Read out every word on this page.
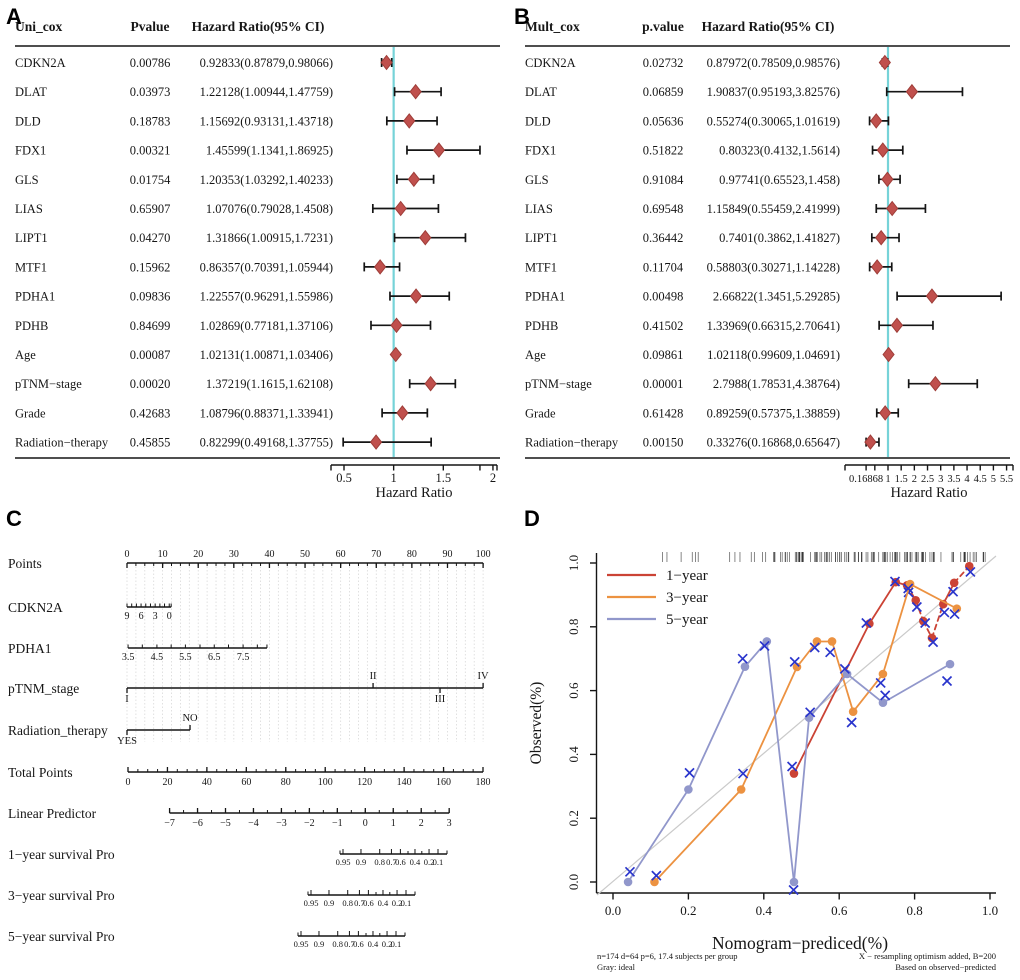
Uni_cox	Pvalue Hazard Ratio(95% CI)
CDKN2A	0.00786 0.92833(0.87879,0.98066)
DLAT	0.03973 1.22128(1.00944,1.47759)
DLD	0.18783 1.15692(0.93131,1.43718)
FDX1	0.00321	1.45599(1.1341,1.86925)
GLS	0.01754 1.20353(1.03292,1.40233)
LIAS	0.65907	1.07076(0.79028,1.4508)
LIPT1	0.04270	1.31866(1.00915,1.7231)
MTF1	0.15962 0.86357(0.70391,1.05944)
PDHA1	0.09836 1.22557(0.96291,1.55986)
PDHB	0.84699 1.02869(0.77181,1.37106)
Age	0.00087 1.02131(1.00871,1.03406)
pTNM−stage	0.00020	1.37219(1.1615,1.62108)
Grade	0.42683 1.08796(0.88371,1.33941)
Radiation−therapy 0.45855 0.82299(0.49168,1.37755)
0.5	1	1.5	2
Hazard Ratio
Mult_cox	p.value Hazard Ratio(95% CI)
CDKN2A	0.02732 0.87972(0.78509,0.98576)
DLAT	0.06859 1.90837(0.95193,3.82576)
DLD	0.05636 0.55274(0.30065,1.01619)
FDX1	0.51822	0.80323(0.4132,1.5614)
GLS	0.91084	0.97741(0.65523,1.458)
LIAS	0.69548 1.15849(0.55459,2.41999)
LIPT1	0.36442	0.7401(0.3862,1.41827)
MTF1	0.11704 0.58803(0.30271,1.14228)
PDHA1	0.00498 2.66822(1.3451,5.29285)
PDHB	0.41502 1.33969(0.66315,2.70641)
Age	0.09861 1.02118(0.99609,1.04691)
pTNM−stage	0.00001 2.7988(1.78531,4.38764)
Grade	0.61428 0.89259(0.57375,1.38859)
Radiation−therapy 0.00150 0.33276(0.16868,0.65647)
0.16868 1 1.5 2 2.5 3 3.5 4 4.5 5 5.5
Hazard Ratio
Points
0	10	20	30	40	50	60	70	80	90 100
CDKN2A
9 6 3 0
PDHA1
3.5 4.5 5.5 6.5 7.5
pTNM_stage
I
II
III
IV
Radiation_therapy
YES
NO
Total Points
0	20	40	60	80	100 120 140 160 180
Linear Predictor
−7 −6 −5 −4 −3 −2 −1 0 1 2 3
1−year survival Pro	0.95 0.9 0.8 0.7
0.6 0.4 0.2
0.1
3−year survival Pro	0.95 0.9 0.8 0.7
0.6 0.4 0.2
0.1
5−year survival Pro	0.95 0.9 0.8 0.7
0.6 0.4 0.2
0.1
0.0	0.2	0.4	0.6	0.8	1.0
0.0
0.2
0.4
0.6
0.8
1.0
Observed(%)
Nomogram−prediced(%)
n=174 d=64 p=6, 17.4 subjects per group
Gray: ideal
X − resampling optimism added, B=200
Based on observed−predicted
1−year
3−year
5−year
A	B
C	D
